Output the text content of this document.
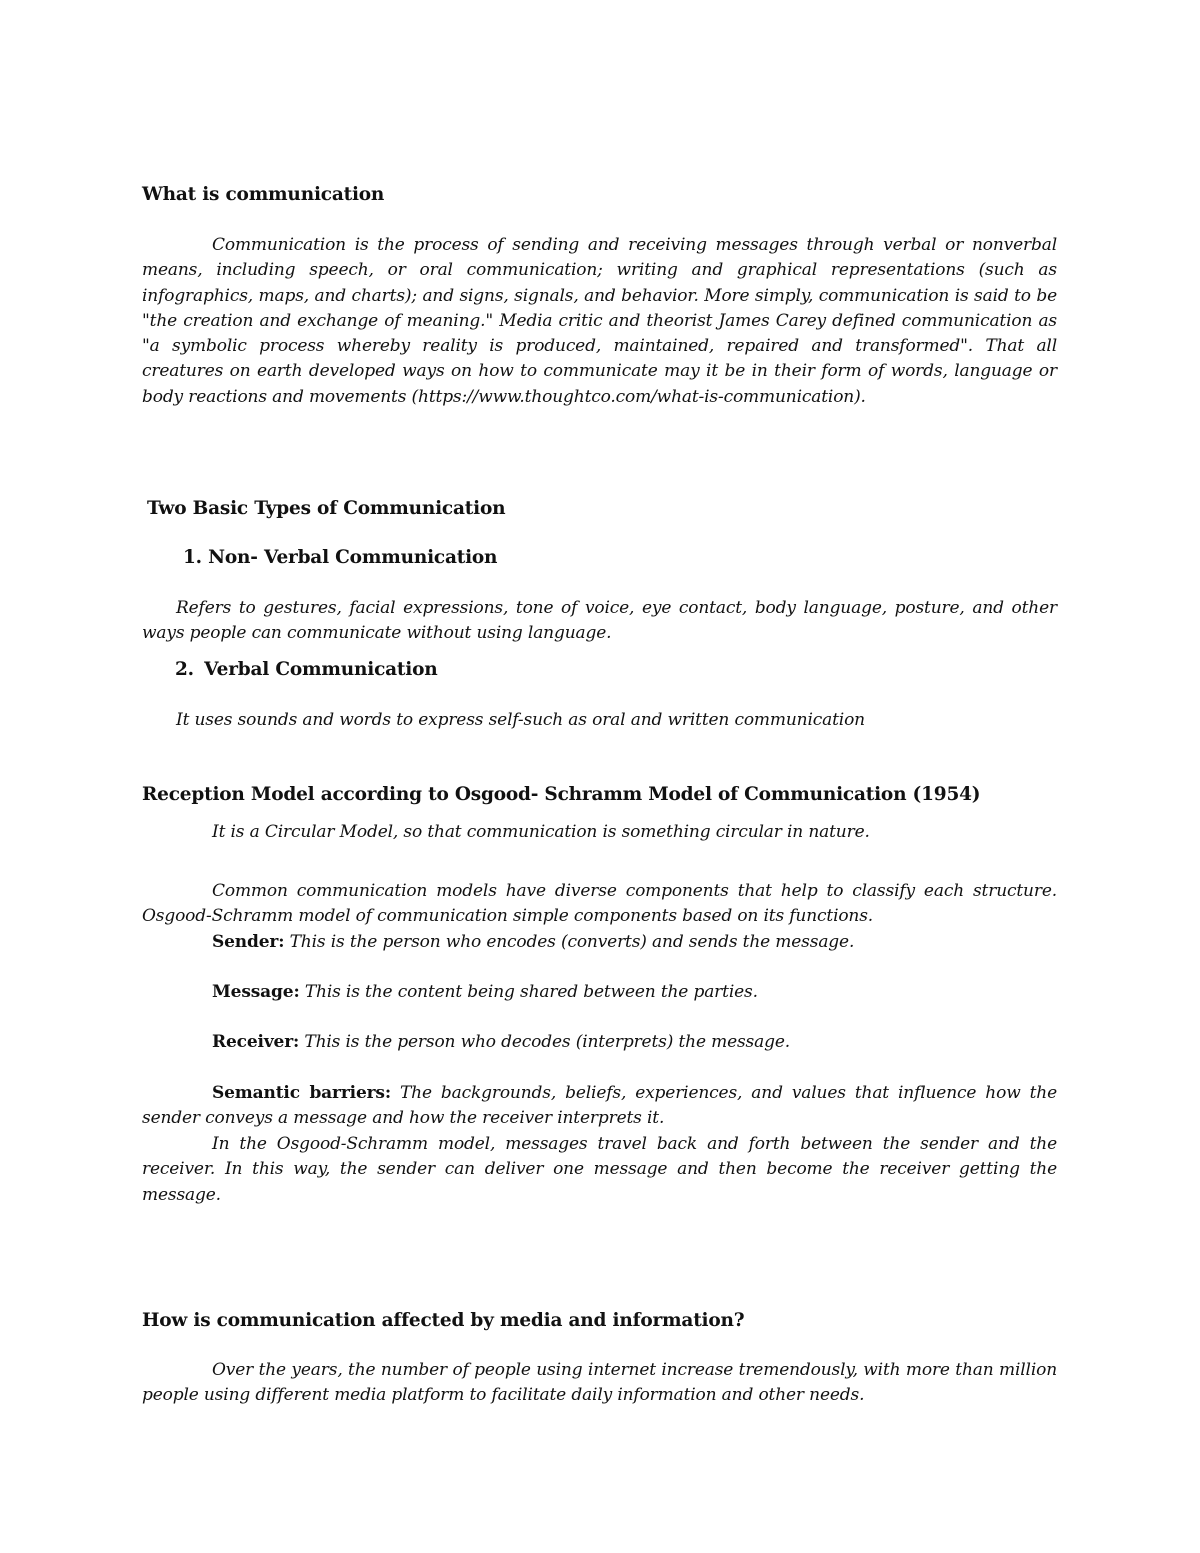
What is communication
Communication is the process of sending and receiving messages through verbal or nonverbal means, including speech, or oral communication; writing and graphical representations (such as infographics, maps, and charts); and signs, signals, and behavior. More simply, communication is said to be "the creation and exchange of meaning." Media critic and theorist James Carey defined communication as "a symbolic process whereby reality is produced, maintained, repaired and transformed". That all creatures on earth developed ways on how to communicate may it be in their form of words, language or body reactions and movements (https://www.thoughtco.com/what-is-communication).
Two Basic Types of Communication
1. Non- Verbal Communication
Refers to gestures, facial expressions, tone of voice, eye contact, body language, posture, and other ways people can communicate without using language.
2. Verbal Communication
It uses sounds and words to express self-such as oral and written communication
Reception Model according to Osgood- Schramm Model of Communication (1954)
It is a Circular Model, so that communication is something circular in nature.
Common communication models have diverse components that help to classify each structure. Osgood-Schramm model of communication simple components based on its functions.
Sender: This is the person who encodes (converts) and sends the message.
Message: This is the content being shared between the parties.
Receiver: This is the person who decodes (interprets) the message.
Semantic barriers: The backgrounds, beliefs, experiences, and values that influence how the sender conveys a message and how the receiver interprets it.
In the Osgood-Schramm model, messages travel back and forth between the sender and the receiver. In this way, the sender can deliver one message and then become the receiver getting the message.
How is communication affected by media and information?
Over the years, the number of people using internet increase tremendously, with more than million people using different media platform to facilitate daily information and other needs.
